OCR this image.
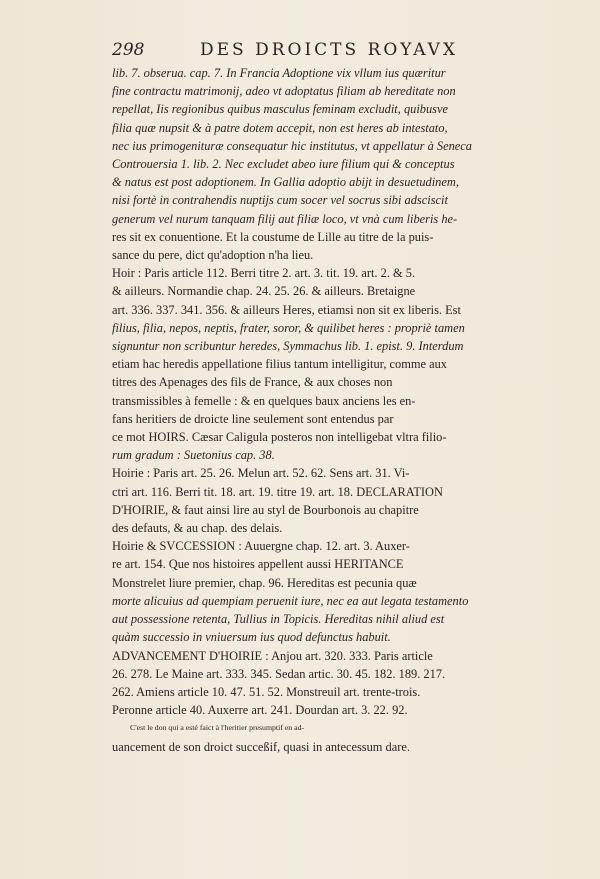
298	DES DROICTS ROYAVX
lib. 7. obserua. cap. 7. In Francia Adoptione vix vllum ius quæritur
fine contractu matrimonij, adeo vt adoptatus filiam ab hereditate non
repellat, Iis regionibus quibus masculus feminam excludit, quibusve
filia quæ nupsit & à patre dotem accepit, non est heres ab intestato,
nec ius primogenituræ consequatur hic institutus, vt appellatur à Seneca
Controuersia 1. lib. 2. Nec excludet abeo iure filium qui & conceptus
& natus est post adoptionem. In Gallia adoptio abijt in desuetudinem,
nisi fortè in contrahendis nuptijs cum socer vel socrus sibi adsciscit
generum vel nurum tanquam filij aut filiæ loco, vt vnà cum liberis he-
res sit ex conuentione. Et la coustume de Lille au titre de la puis-
sance du pere, dict qu'adoption n'ha lieu.
Hoir : Paris article 112. Berri titre 2. art. 3. tit. 19. art. 2. & 5.
& ailleurs. Normandie chap. 24. 25. 26. & ailleurs. Bretaigne
art. 336. 337. 341. 356. & ailleurs Heres, etiamsi non sit ex liberis. Est
filius, filia, nepos, neptis, frater, soror, & quilibet heres : propriè tamen
signuntur non scribuntur heredes, Symmachus lib. 1. epist. 9. Interdum
etiam hac heredis appellatione filius tantum intelligitur, comme aux
titres des Apenages des fils de France, & aux choses non
transmissibles à femelle : & en quelques baux anciens les en-
fans heritiers de droicte line seulement sont entendus par
ce mot HOIRS. Cæsar Caligula posteros non intelligebat vltra filio-
rum gradum : Suetonius cap. 38.
Hoirie : Paris art. 25. 26. Melun art. 52. 62. Sens art. 31. Vi-
ctri art. 116. Berri tit. 18. art. 19. titre 19. art. 18. DECLARATION
D'HOIRIE, & faut ainsi lire au styl de Bourbonois au chapitre
des defauts, & au chap. des delais.
Hoirie & SVCCESSION : Auuergne chap. 12. art. 3. Auxer-
re art. 154. Que nos histoires appellent aussi HERITANCE
Monstrelet liure premier, chap. 96. Hereditas est pecunia quæ
morte alicuius ad quempiam peruenit iure, nec ea aut legata testamento
aut possessione retenta, Tullius in Topicis. Hereditas nihil aliud est
quàm successio in vniuersum ius quod defunctus habuit.
ADVANCEMENT D'HOIRIE : Anjou art. 320. 333. Paris article
26. 278. Le Maine art. 333. 345. Sedan artic. 30. 45. 182. 189. 217.
262. Amiens article 10. 47. 51. 52. Monstreuil art. trente-trois.
Peronne article 40. Auxerre art. 241. Dourdan art. 3. 22. 92.
C'est le don qui a esté faict à l'heritier presumptif en ad-
uancement de son droict succeßif, quasi in antecessum dare.
